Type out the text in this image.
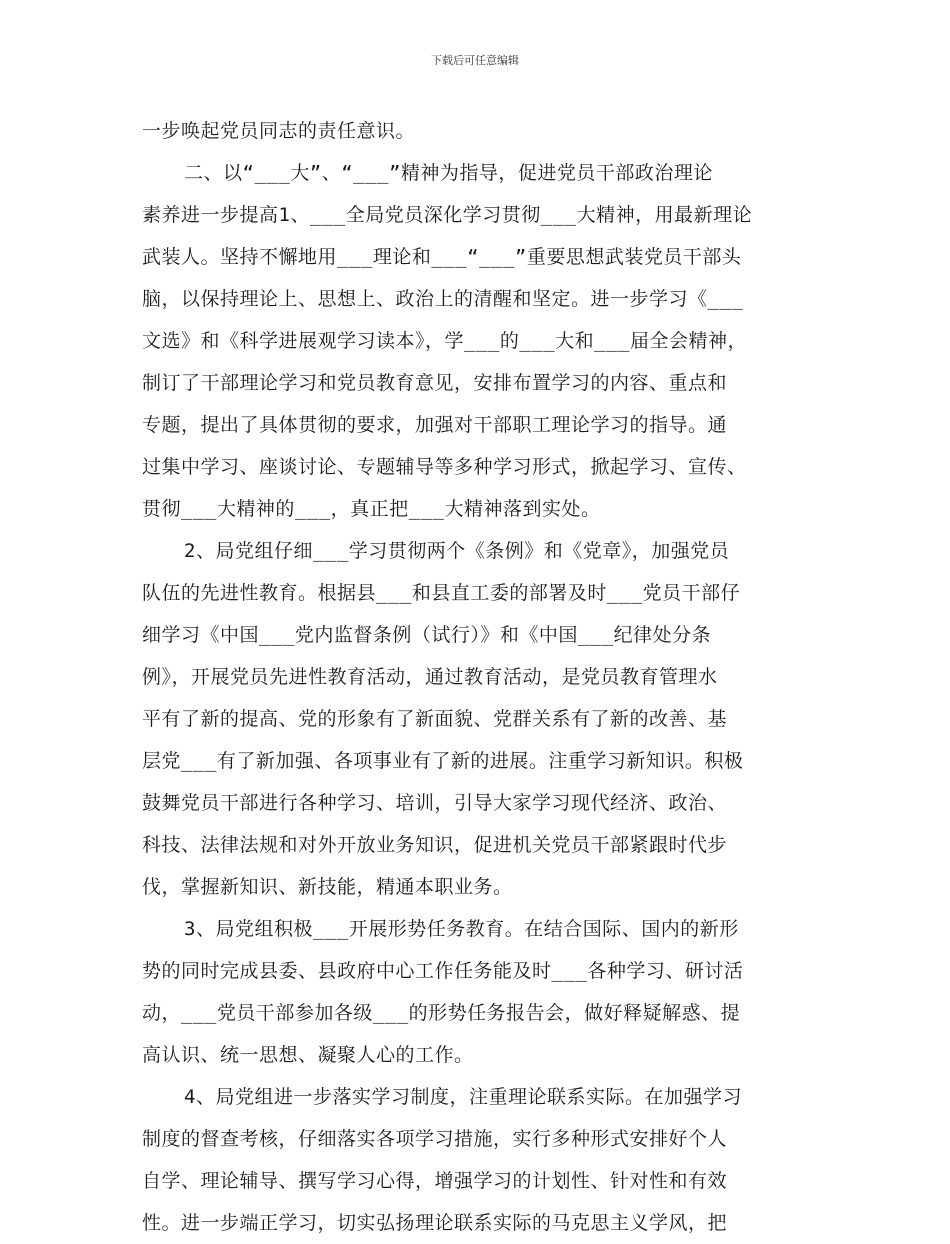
下载后可任意编辑
一步唤起党员同志的责任意识。
二、以“___大”、“___”精神为指导，促进党员干部政治理论
素养进一步提高1、___全局党员深化学习贯彻___大精神，用最新理论
武装人。坚持不懈地用___理论和___“___”重要思想武装党员干部头
脑，以保持理论上、思想上、政治上的清醒和坚定。进一步学习《___
文选》和《科学进展观学习读本》，学___的___大和___届全会精神，
制订了干部理论学习和党员教育意见，安排布置学习的内容、重点和
专题，提出了具体贯彻的要求，加强对干部职工理论学习的指导。通
过集中学习、座谈讨论、专题辅导等多种学习形式，掀起学习、宣传、
贯彻___大精神的___，真正把___大精神落到实处。
2、局党组仔细___学习贯彻两个《条例》和《党章》，加强党员
队伍的先进性教育。根据县___和县直工委的部署及时___党员干部仔
细学习《中国___党内监督条例（试行）》和《中国___纪律处分条
例》，开展党员先进性教育活动，通过教育活动，是党员教育管理水
平有了新的提高、党的形象有了新面貌、党群关系有了新的改善、基
层党___有了新加强、各项事业有了新的进展。注重学习新知识。积极
鼓舞党员干部进行各种学习、培训，引导大家学习现代经济、政治、
科技、法律法规和对外开放业务知识，促进机关党员干部紧跟时代步
伐，掌握新知识、新技能，精通本职业务。
3、局党组积极___开展形势任务教育。在结合国际、国内的新形
势的同时完成县委、县政府中心工作任务能及时___各种学习、研讨活
动，___党员干部参加各级___的形势任务报告会，做好释疑解惑、提
高认识、统一思想、凝聚人心的工作。
4、局党组进一步落实学习制度，注重理论联系实际。在加强学习
制度的督查考核，仔细落实各项学习措施，实行多种形式安排好个人
自学、理论辅导、撰写学习心得，增强学习的计划性、针对性和有效
性。进一步端正学习，切实弘扬理论联系实际的马克思主义学风，把
